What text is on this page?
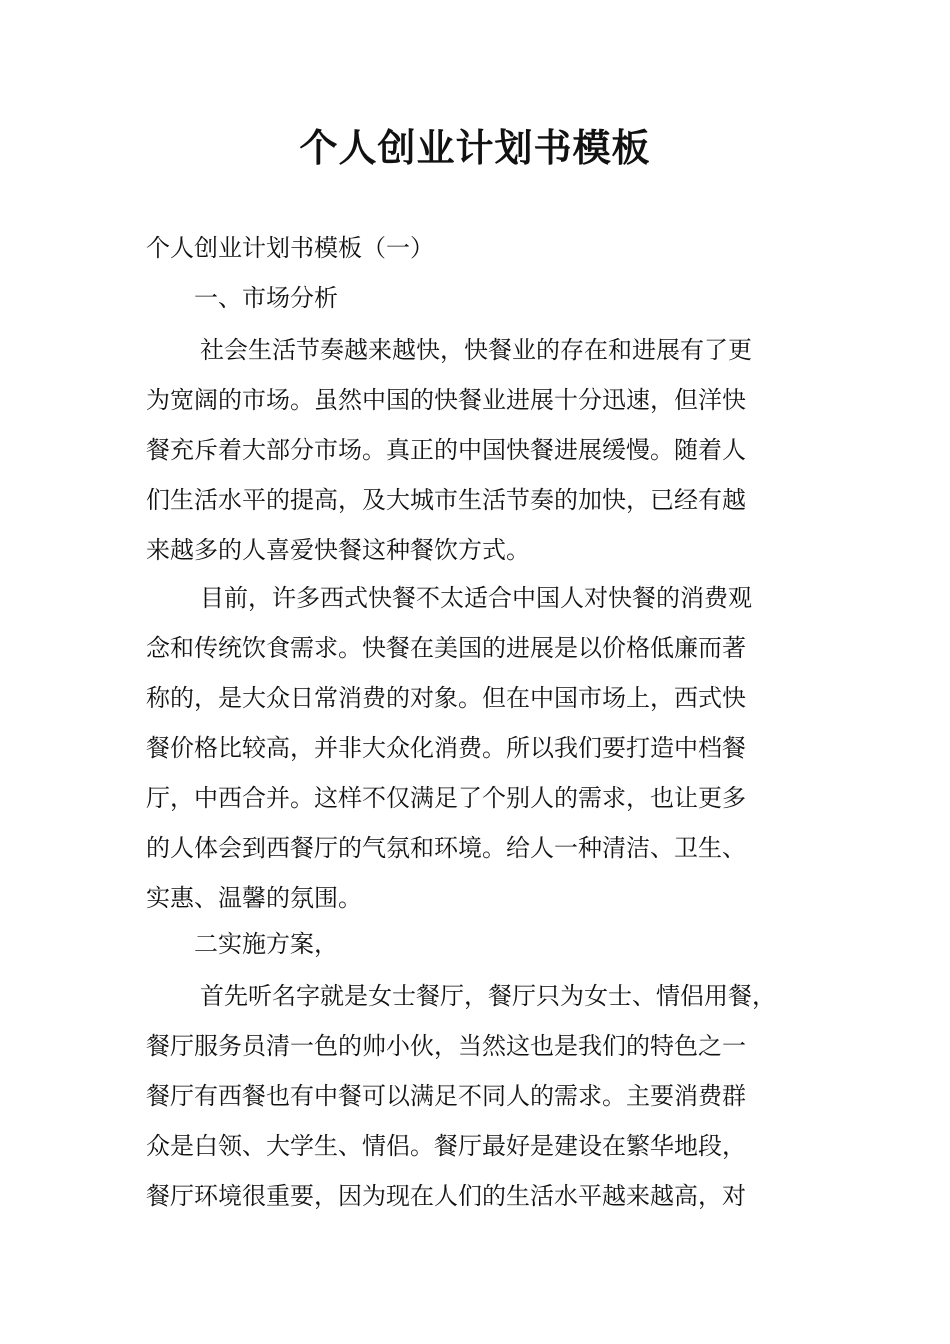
个人创业计划书模板
个人创业计划书模板（一）
一、市场分析
社会生活节奏越来越快，快餐业的存在和进展有了更
为宽阔的市场。虽然中国的快餐业进展十分迅速，但洋快
餐充斥着大部分市场。真正的中国快餐进展缓慢。随着人
们生活水平的提高，及大城市生活节奏的加快，已经有越
来越多的人喜爱快餐这种餐饮方式。
目前，许多西式快餐不太适合中国人对快餐的消费观
念和传统饮食需求。快餐在美国的进展是以价格低廉而著
称的，是大众日常消费的对象。但在中国市场上，西式快
餐价格比较高，并非大众化消费。所以我们要打造中档餐
厅，中西合并。这样不仅满足了个别人的需求，也让更多
的人体会到西餐厅的气氛和环境。给人一种清洁、卫生、
实惠、温馨的氛围。
二实施方案，
首先听名字就是女士餐厅，餐厅只为女士、情侣用餐，
餐厅服务员清一色的帅小伙，当然这也是我们的特色之一
餐厅有西餐也有中餐可以满足不同人的需求。主要消费群
众是白领、大学生、情侣。餐厅最好是建设在繁华地段，
餐厅环境很重要，因为现在人们的生活水平越来越高，对
